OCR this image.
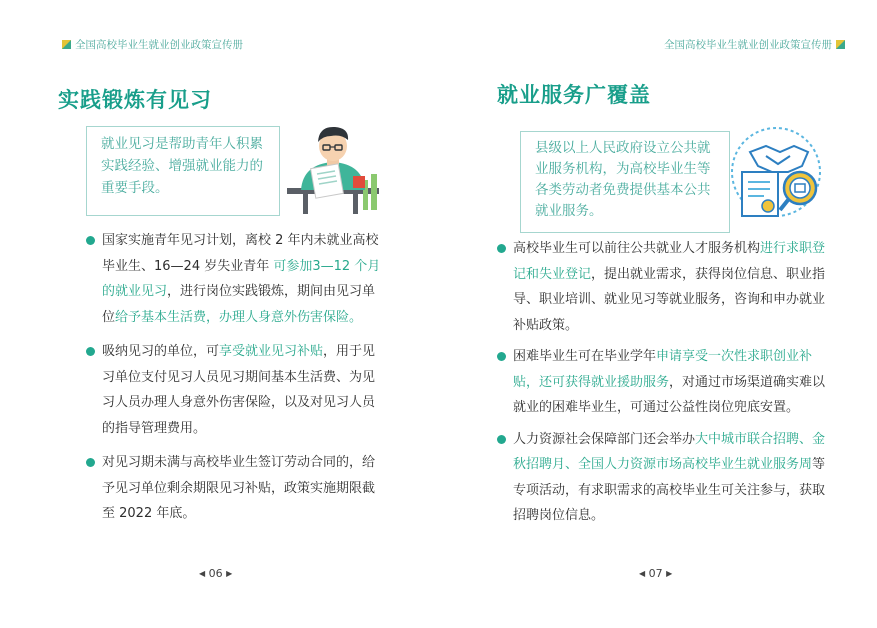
全国高校毕业生就业创业政策宣传册
实践锻炼有见习

就业见习是帮助青年人积累实践经验、增强就业能力的重要手段。

国家实施青年见习计划，离校 2 年内未就业高校毕业生、16—24 岁失业青年 可参加3—12 个月的就业见习，进行岗位实践锻炼，期间由见习单位给予基本生活费，办理人身意外伤害保险。
吸纳见习的单位，可享受就业见习补贴，用于见习单位支付见习人员见习期间基本生活费、为见习人员办理人身意外伤害保险，以及对见习人员的指导管理费用。
对见习期未满与高校毕业生签订劳动合同的，给予见习单位剩余期限见习补贴，政策实施期限截至 2022 年底。
◀ 06 ▶
全国高校毕业生就业创业政策宣传册
就业服务广覆盖

县级以上人民政府设立公共就业服务机构，为高校毕业生等各类劳动者免费提供基本公共就业服务。

高校毕业生可以前往公共就业人才服务机构进行求职登记和失业登记，提出就业需求，获得岗位信息、职业指导、职业培训、就业见习等就业服务，咨询和申办就业补贴政策。
困难毕业生可在毕业学年申请享受一次性求职创业补贴，还可获得就业援助服务，对通过市场渠道确实难以就业的困难毕业生，可通过公益性岗位兜底安置。
人力资源社会保障部门还会举办大中城市联合招聘、金秋招聘月、全国人力资源市场高校毕业生就业服务周等专项活动，有求职需求的高校毕业生可关注参与，获取招聘岗位信息。
◀ 07 ▶
